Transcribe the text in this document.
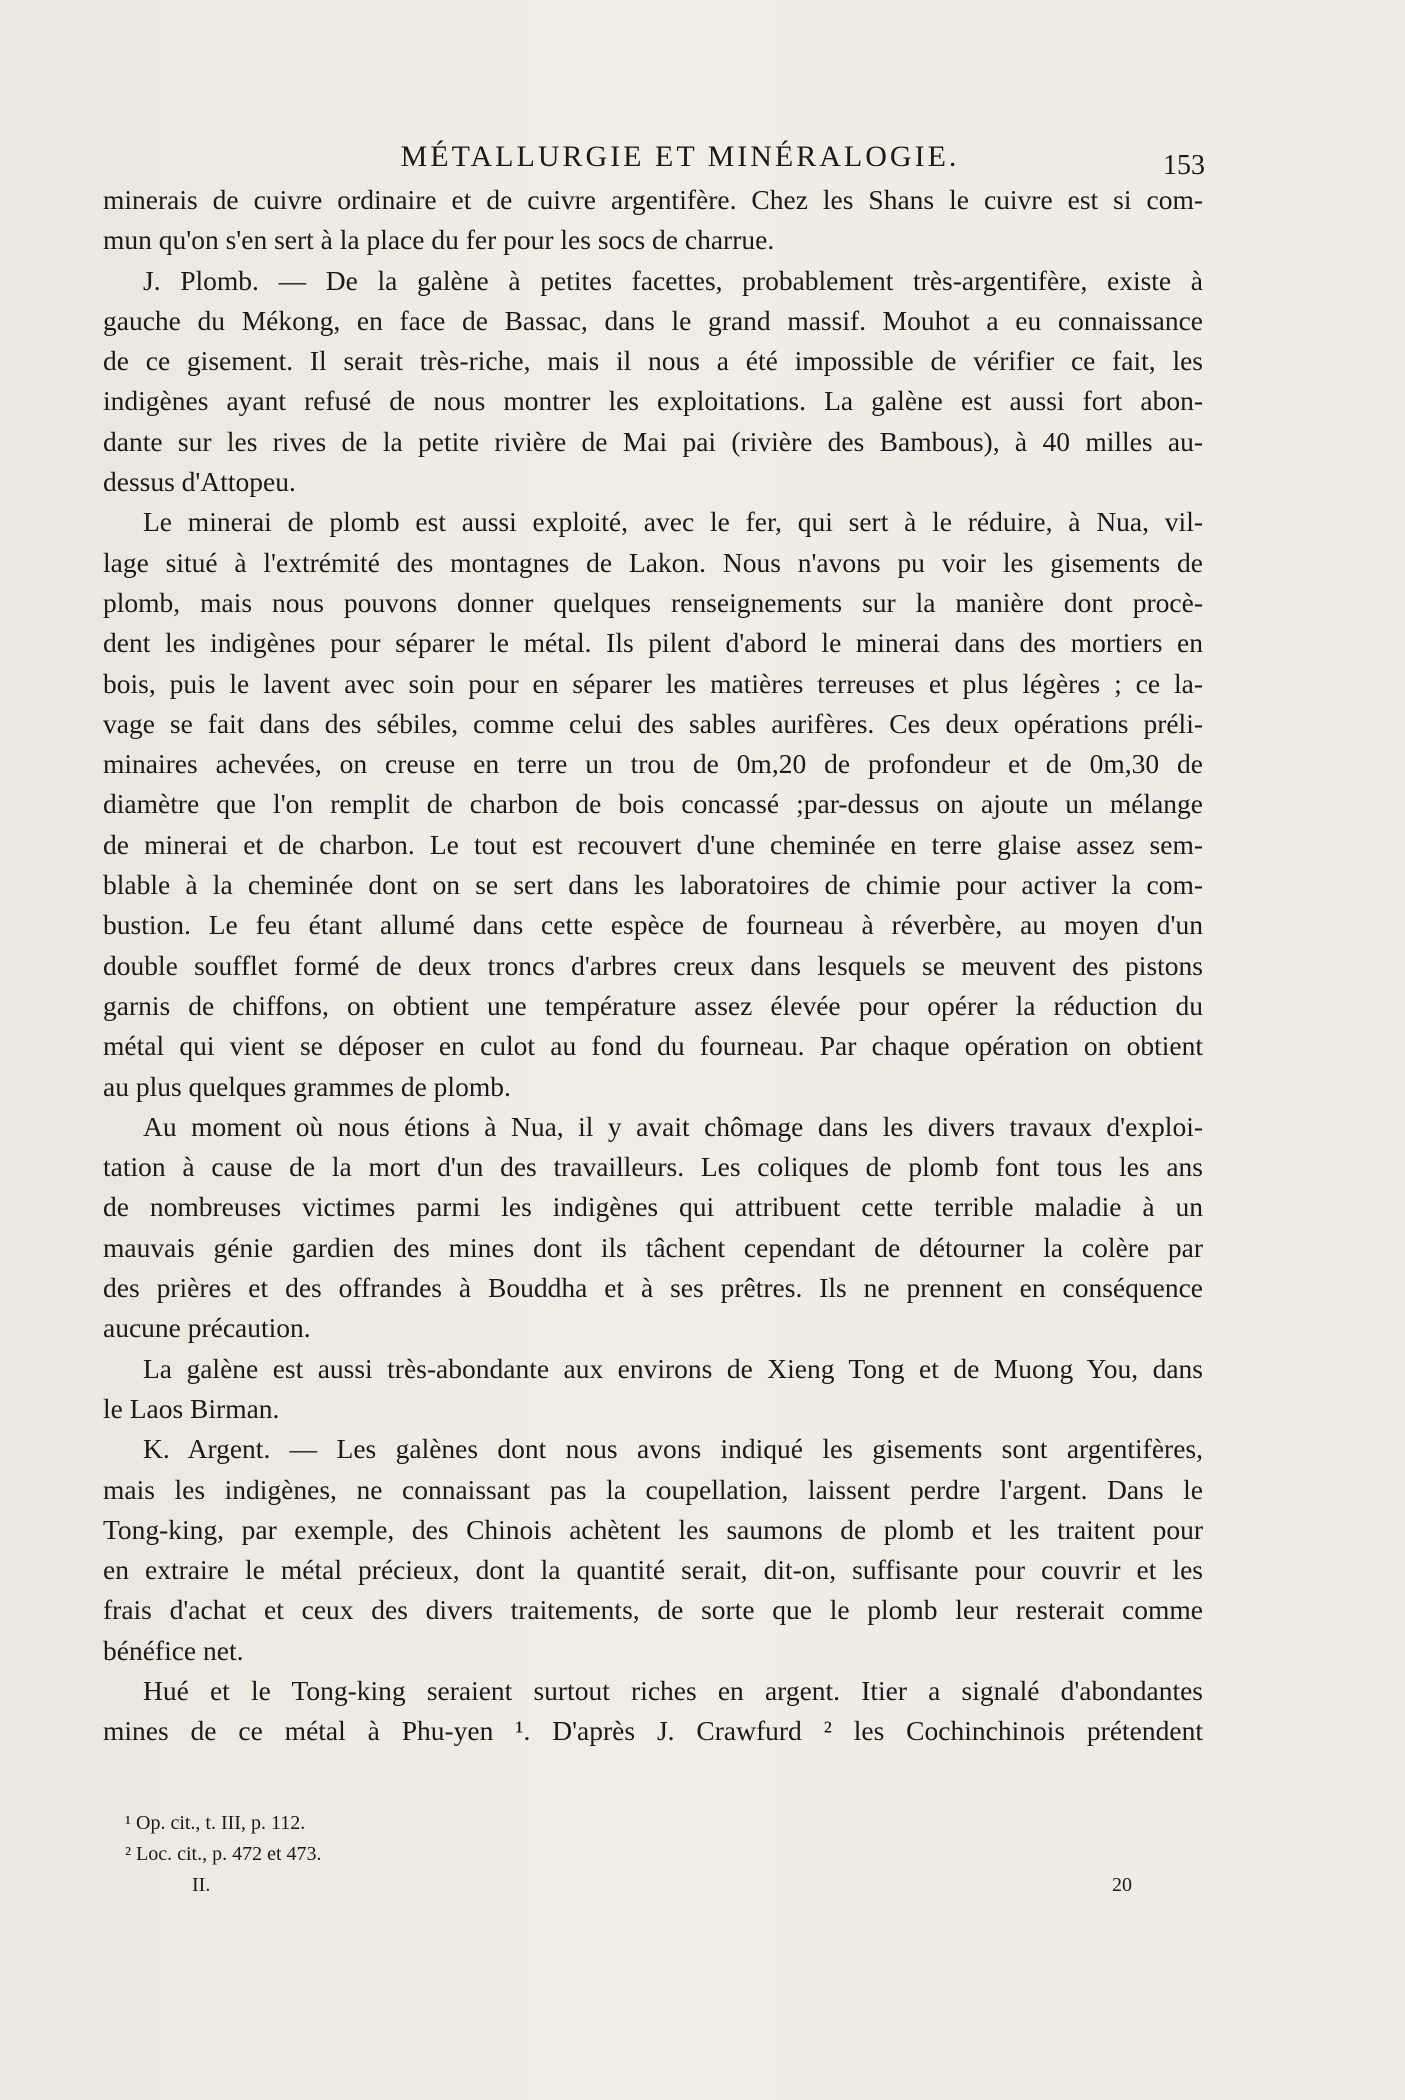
MÉTALLURGIE ET MINÉRALOGIE.	153
minerais de cuivre ordinaire et de cuivre argentifère. Chez les Shans le cuivre est si com-
mun qu'on s'en sert à la place du fer pour les socs de charrue.
J. Plomb. — De la galène à petites facettes, probablement très-argentifère, existe à
gauche du Mékong, en face de Bassac, dans le grand massif. Mouhot a eu connaissance
de ce gisement. Il serait très-riche, mais il nous a été impossible de vérifier ce fait, les
indigènes ayant refusé de nous montrer les exploitations. La galène est aussi fort abon-
dante sur les rives de la petite rivière de Mai pai (rivière des Bambous), à 40 milles au-
dessus d'Attopeu.
Le minerai de plomb est aussi exploité, avec le fer, qui sert à le réduire, à Nua, vil-
lage situé à l'extrémité des montagnes de Lakon. Nous n'avons pu voir les gisements de
plomb, mais nous pouvons donner quelques renseignements sur la manière dont procè-
dent les indigènes pour séparer le métal. Ils pilent d'abord le minerai dans des mortiers en
bois, puis le lavent avec soin pour en séparer les matières terreuses et plus légères ; ce la-
vage se fait dans des sébiles, comme celui des sables aurifères. Ces deux opérations préli-
minaires achevées, on creuse en terre un trou de 0m,20 de profondeur et de 0m,30 de
diamètre que l'on remplit de charbon de bois concassé ;par-dessus on ajoute un mélange
de minerai et de charbon. Le tout est recouvert d'une cheminée en terre glaise assez sem-
blable à la cheminée dont on se sert dans les laboratoires de chimie pour activer la com-
bustion. Le feu étant allumé dans cette espèce de fourneau à réverbère, au moyen d'un
double soufflet formé de deux troncs d'arbres creux dans lesquels se meuvent des pistons
garnis de chiffons, on obtient une température assez élevée pour opérer la réduction du
métal qui vient se déposer en culot au fond du fourneau. Par chaque opération on obtient
au plus quelques grammes de plomb.
Au moment où nous étions à Nua, il y avait chômage dans les divers travaux d'exploi-
tation à cause de la mort d'un des travailleurs. Les coliques de plomb font tous les ans
de nombreuses victimes parmi les indigènes qui attribuent cette terrible maladie à un
mauvais génie gardien des mines dont ils tâchent cependant de détourner la colère par
des prières et des offrandes à Bouddha et à ses prêtres. Ils ne prennent en conséquence
aucune précaution.
La galène est aussi très-abondante aux environs de Xieng Tong et de Muong You, dans
le Laos Birman.
K. Argent. — Les galènes dont nous avons indiqué les gisements sont argentifères,
mais les indigènes, ne connaissant pas la coupellation, laissent perdre l'argent. Dans le
Tong-king, par exemple, des Chinois achètent les saumons de plomb et les traitent pour
en extraire le métal précieux, dont la quantité serait, dit-on, suffisante pour couvrir et les
frais d'achat et ceux des divers traitements, de sorte que le plomb leur resterait comme
bénéfice net.
Hué et le Tong-king seraient surtout riches en argent. Itier a signalé d'abondantes
mines de ce métal à Phu-yen ¹. D'après J. Crawfurd ² les Cochinchinois prétendent
¹ Op. cit., t. III, p. 112.
² Loc. cit., p. 472 et 473.
II.	20
